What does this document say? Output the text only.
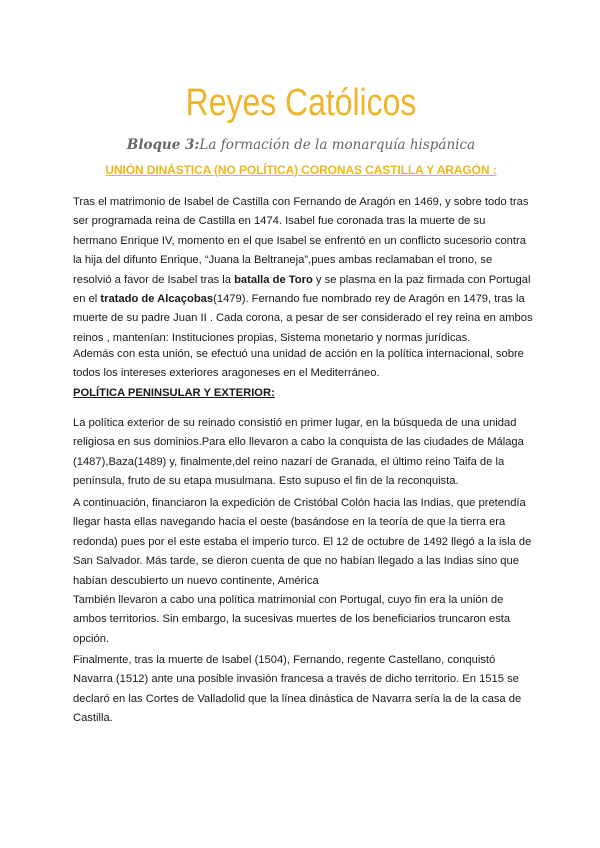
Reyes Católicos
Bloque 3:La formación de la monarquía hispánica
UNIÓN DINÁSTICA (NO POLÍTICA) CORONAS CASTILLA Y ARAGÓN :
Tras el matrimonio de Isabel de Castilla con Fernando de Aragón en 1469, y sobre todo tras
ser programada reina de Castilla en 1474. Isabel fue coronada tras la muerte de su
hermano Enrique IV, momento en el que Isabel se enfrentó en un conflicto sucesorio contra
la hija del difunto Enrique, “Juana la Beltraneja”,pues ambas reclamaban el trono, se
resolvió a favor de Isabel tras la batalla de Toro y se plasma en la paz firmada con Portugal
en el tratado de Alcaçobas(1479). Fernando fue nombrado rey de Aragón en 1479, tras la
muerte de su padre Juan II . Cada corona, a pesar de ser considerado el rey reina en ambos
reinos , mantenían: Instituciones propias, Sistema monetario y normas jurídicas.
Además con esta unión, se efectuó una unidad de acción en la política internacional, sobre
todos los intereses exteriores aragoneses en el Mediterráneo.
POLÍTICA PENINSULAR Y EXTERIOR:
La política exterior de su reinado consistió en primer lugar, en la búsqueda de una unidad
religiosa en sus dominios.Para ello llevaron a cabo la conquista de las ciudades de Málaga
(1487),Baza(1489) y, finalmente,del reino nazarí de Granada, el último reino Taifa de la
península, fruto de su etapa musulmana. Esto supuso el fin de la reconquista.
A continuación, financiaron la expedición de Cristóbal Colón hacia las Indias, que pretendía
llegar hasta ellas navegando hacia el oeste (basándose en la teoría de que la tierra era
redonda) pues por el este estaba el imperio turco. El 12 de octubre de 1492 llegó a la isla de
San Salvador. Más tarde, se dieron cuenta de que no habían llegado a las Indias sino que
habían descubierto un nuevo continente, América
También llevaron a cabo una política matrimonial con Portugal, cuyo fin era la unión de
ambos territorios. Sin embargo, la sucesivas muertes de los beneficiarios truncaron esta
opción.
Finalmente, tras la muerte de Isabel (1504), Fernando, regente Castellano, conquistó
Navarra (1512) ante una posible invasión francesa a través de dicho territorio. En 1515 se
declaró en las Cortes de Valladolid que la línea dinástica de Navarra sería la de la casa de
Castilla.
